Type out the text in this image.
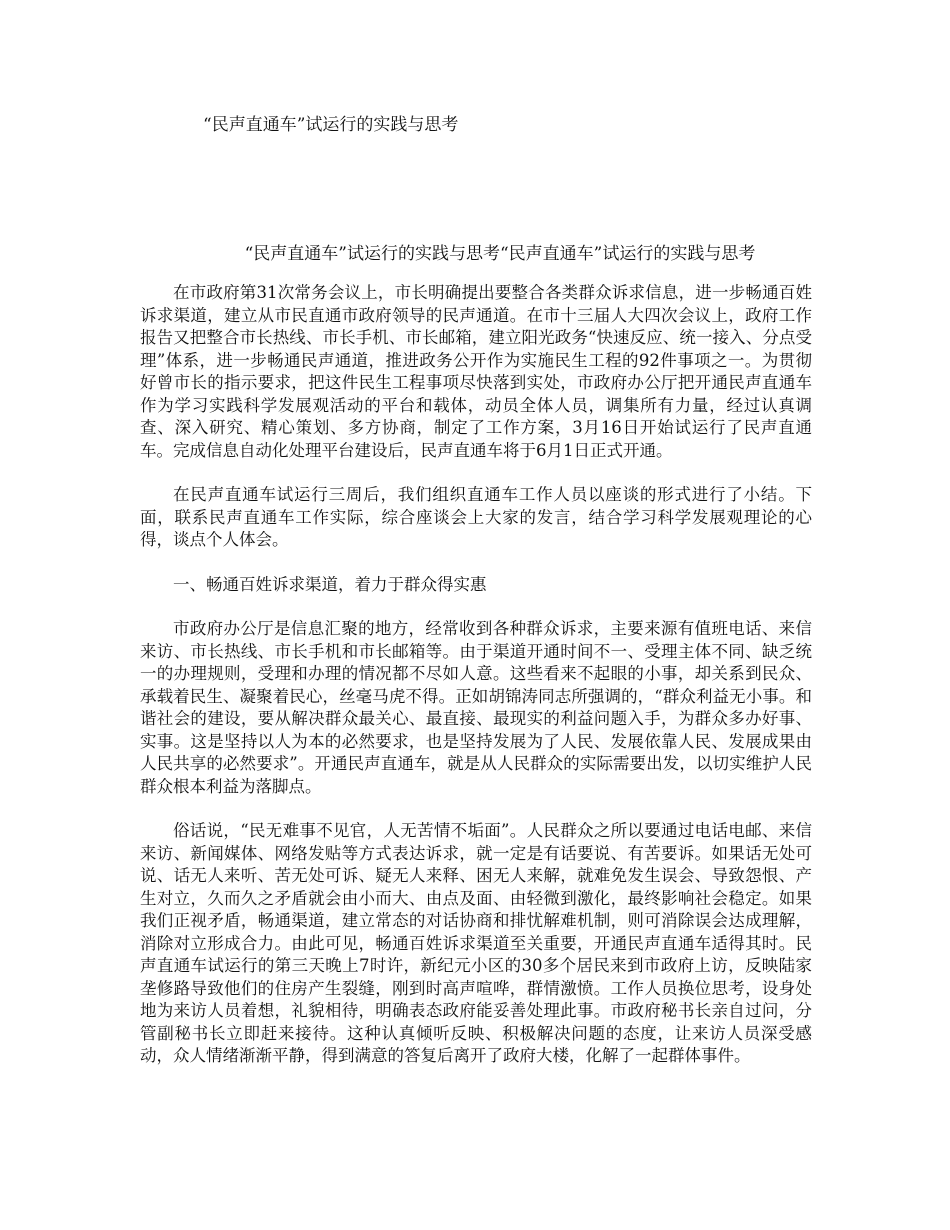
“民声直通车”试运行的实践与思考
“民声直通车”试运行的实践与思考“民声直通车”试运行的实践与思考

在市政府第31次常务会议上，市长明确提出要整合各类群众诉求信息，进一步畅通百姓诉求渠道，建立从市民直通市政府领导的民声通道。在市十三届人大四次会议上，政府工作报告又把整合市长热线、市长手机、市长邮箱，建立阳光政务“快速反应、统一接入、分点受理”体系，进一步畅通民声通道，推进政务公开作为实施民生工程的92件事项之一。为贯彻好曾市长的指示要求，把这件民生工程事项尽快落到实处，市政府办公厅把开通民声直通车作为学习实践科学发展观活动的平台和载体，动员全体人员，调集所有力量，经过认真调查、深入研究、精心策划、多方协商，制定了工作方案，3月16日开始试运行了民声直通车。完成信息自动化处理平台建设后，民声直通车将于6月1日正式开通。

在民声直通车试运行三周后，我们组织直通车工作人员以座谈的形式进行了小结。下面，联系民声直通车工作实际，综合座谈会上大家的发言，结合学习科学发展观理论的心得，谈点个人体会。

一、畅通百姓诉求渠道，着力于群众得实惠

市政府办公厅是信息汇聚的地方，经常收到各种群众诉求，主要来源有值班电话、来信来访、市长热线、市长手机和市长邮箱等。由于渠道开通时间不一、受理主体不同、缺乏统一的办理规则，受理和办理的情况都不尽如人意。这些看来不起眼的小事，却关系到民众、承载着民生、凝聚着民心，丝毫马虎不得。正如胡锦涛同志所强调的，“群众利益无小事。和谐社会的建设，要从解决群众最关心、最直接、最现实的利益问题入手，为群众多办好事、实事。这是坚持以人为本的必然要求，也是坚持发展为了人民、发展依靠人民、发展成果由人民共享的必然要求”。开通民声直通车，就是从人民群众的实际需要出发，以切实维护人民群众根本利益为落脚点。

俗话说，“民无难事不见官，人无苦情不垢面”。人民群众之所以要通过电话电邮、来信来访、新闻媒体、网络发贴等方式表达诉求，就一定是有话要说、有苦要诉。如果话无处可说、话无人来听、苦无处可诉、疑无人来释、困无人来解，就难免发生误会、导致怨恨、产生对立，久而久之矛盾就会由小而大、由点及面、由轻微到激化，最终影响社会稳定。如果我们正视矛盾，畅通渠道，建立常态的对话协商和排忧解难机制，则可消除误会达成理解，消除对立形成合力。由此可见，畅通百姓诉求渠道至关重要，开通民声直通车适得其时。民声直通车试运行的第三天晚上7时许，新纪元小区的30多个居民来到市政府上访，反映陆家垄修路导致他们的住房产生裂缝，刚到时高声喧哗，群情激愤。工作人员换位思考，设身处地为来访人员着想，礼貌相待，明确表态政府能妥善处理此事。市政府秘书长亲自过问，分管副秘书长立即赶来接待。这种认真倾听反映、积极解决问题的态度，让来访人员深受感动，众人情绪渐渐平静，得到满意的答复后离开了政府大楼，化解了一起群体事件。
